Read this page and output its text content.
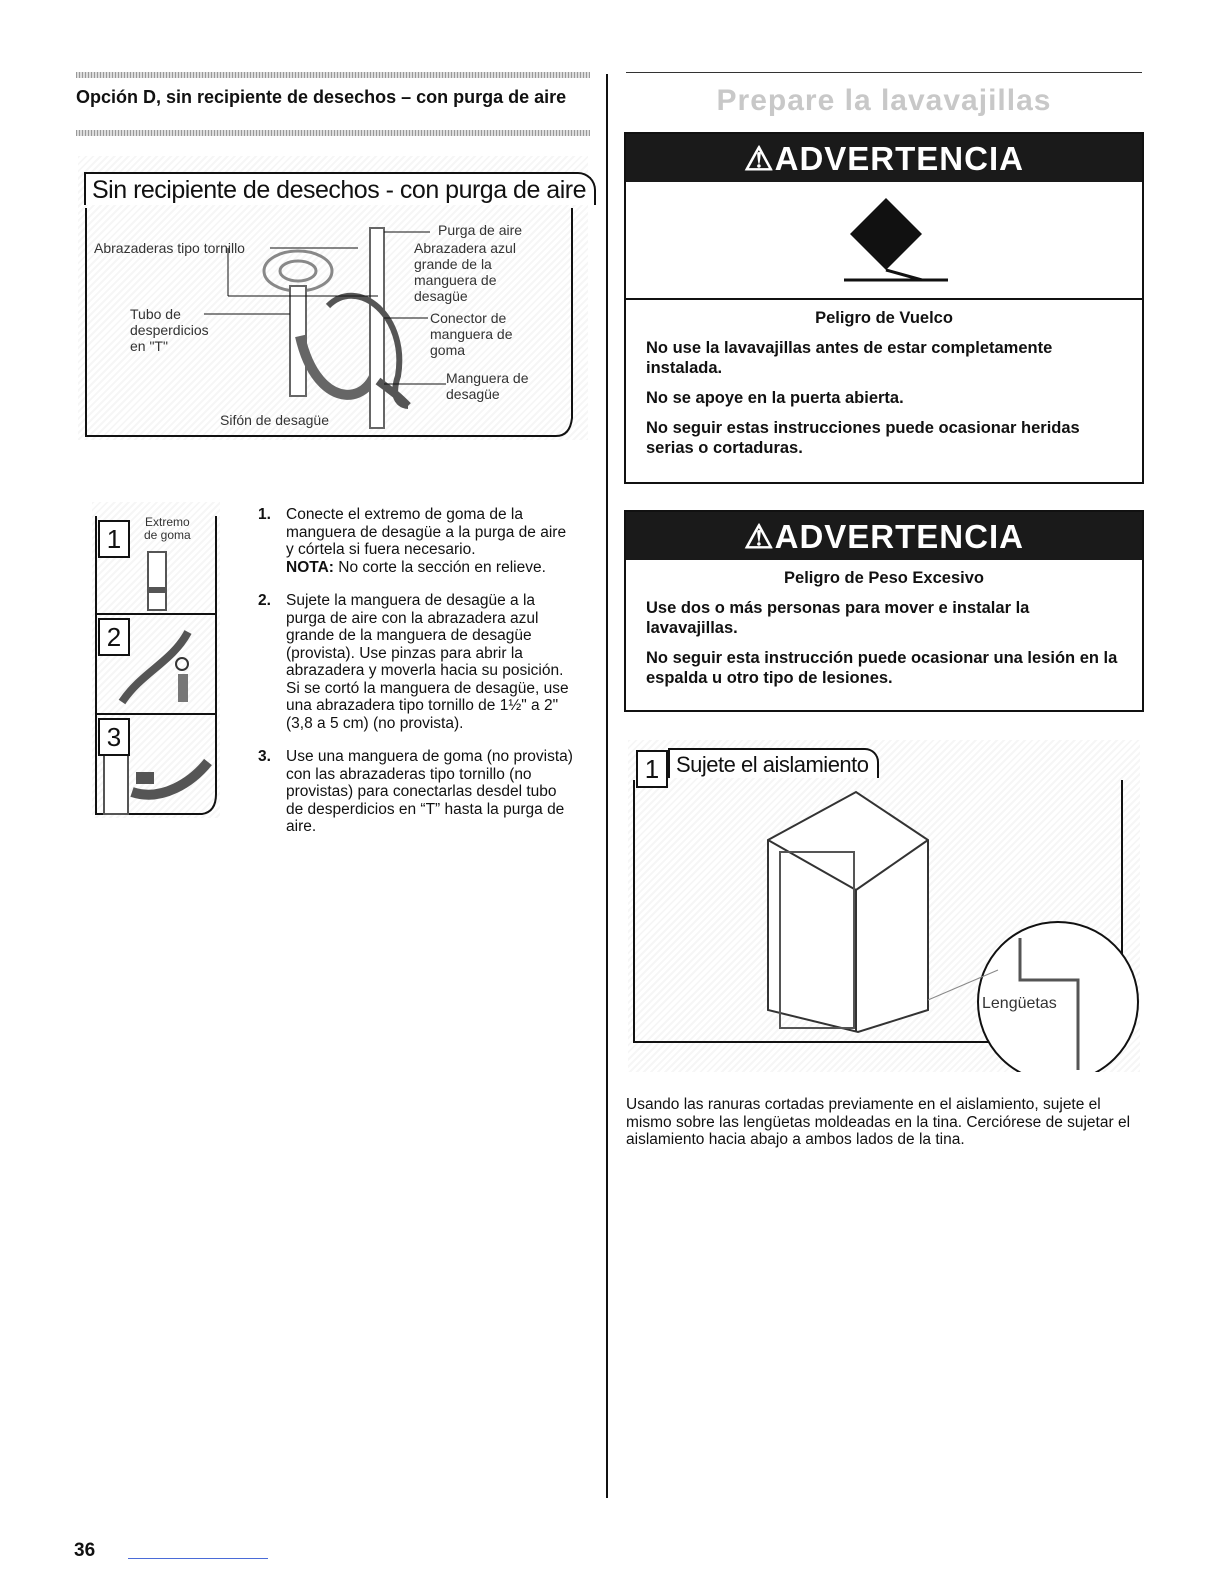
Opción D, sin recipiente de desechos – con purga de aire
Sin recipiente de desechos - con purga de aire
Purga de aire
Abrazaderas tipo tornillo	Abrazadera azul
grande de la
manguera de
desagüe
Tubo de
desperdicios
en "T"
Conector de
manguera de
goma
Manguera de
desagüe
Sifón de desagüe
1
2
3
Extremo
de goma
1. Conecte el extremo de goma de la manguera de desagüe a la purga de aire y córtela si fuera necesario.
NOTA: No corte la sección en relieve.
2. Sujete la manguera de desagüe a la purga de aire con la abrazadera azul grande de la manguera de desagüe (provista). Use pinzas para abrir la abrazadera y moverla hacia su posición. Si se cortó la manguera de desagüe, use una abrazadera tipo tornillo de 1½" a 2" (3,8 a 5 cm) (no provista).
3. Use una manguera de goma (no provista) con las abrazaderas tipo tornillo (no provistas) para conectarlas desdel tubo de desperdicios en “T” hasta la purga de aire.
36
Prepare la lavavajillas
⚠ADVERTENCIA
Peligro de Vuelco

No use la lavavajillas antes de estar completamente instalada.

No se apoye en la puerta abierta.

No seguir estas instrucciones puede ocasionar heridas serias o cortaduras.

⚠ADVERTENCIA
Peligro de Peso Excesivo

Use dos o más personas para mover e instalar la lavavajillas.

No seguir esta instrucción puede ocasionar una lesión en la espalda u otro tipo de lesiones.

1 Sujete el aislamiento
Lengüetas
Usando las ranuras cortadas previamente en el aislamiento, sujete el mismo sobre las lengüetas moldeadas en la tina. Cerciórese de sujetar el aislamiento hacia abajo a ambos lados de la tina.
